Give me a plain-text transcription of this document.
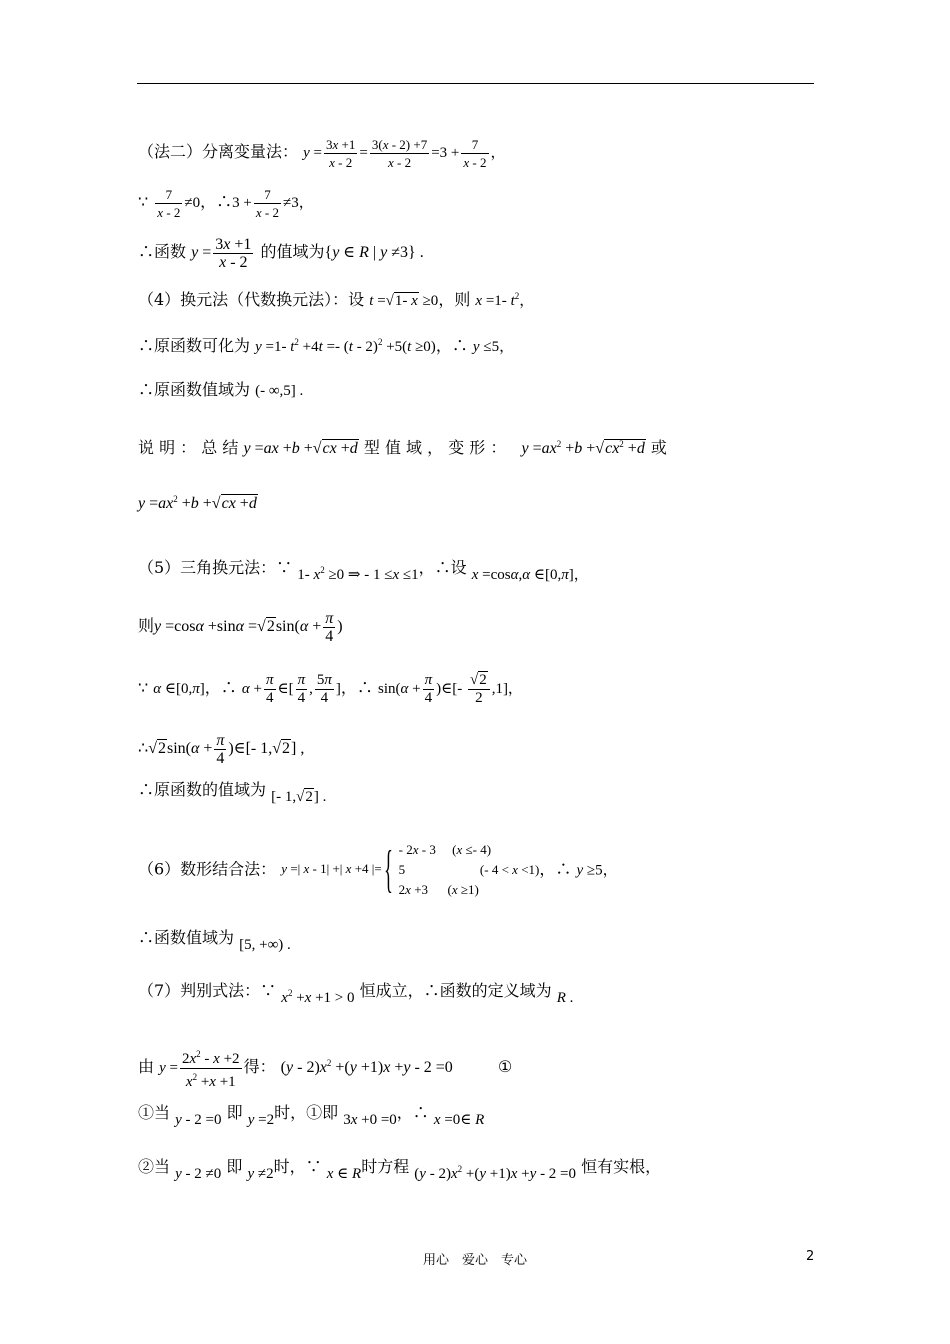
（法二）分离变量法： $y = \frac{3x +1}{x - 2} = \frac{3(x - 2) +7}{x - 2} =3 + \frac{7}{x - 2}$ ，
∵ $\frac{7}{x - 2} \ne 0$，∴3 + $\frac{7}{x - 2} \ne 3$，
∴函数 $y = \frac{3x +1}{x - 2}$ 的值域为{y ∈ R | y ≠3} .
（4）换元法（代数换元法）：设 t =√1- x ≥0，则 x =1- $t^2$，
∴原函数可化为 y =1- $t^2 +4t =- (t - 2)^2 +5(t \ge 0)$，∴ y ≤5，
∴原函数值域为 (- ∞,5] .
说 明 ： 总 结 y =ax +b +√cx +d 型 值 域 ， 变 形 ： $y =ax^2 +b +√cx^2 +d$ 或
$y =ax^2 +b +√cx +d$
（5）三角换元法：∵ 1- $x^2 \ge 0$ ⇒ - 1 ≤x ≤1，∴设 x =cosα,α ∈[0,π]，
则$y =\cos\alpha +\sin\alpha =√2\sin(\alpha + \frac{\pi}{4}$ )
∵ α ∈[0,π]，∴ $\alpha + \frac{\pi}{4}$ ∈[ $\frac{\pi}{4}$ , $\frac{5\pi}{4}$ ]，∴ $\sin(\alpha + \frac{\pi}{4}$ )∈[- $\frac{√2}{2} ,1$]，
∴√2sin(α + $\frac{\pi}{4}$ )∈[- 1,√2] ,
∴原函数的值域为 [- 1,√2] .
（6）数形结合法： y =| x - 1| +| x +4 |={ - 2x - 3     (x ≤- 4)
5                       (- 4 < x <1)
2x +3      (x ≥1)
，∴ y ≥5，
∴函数值域为 [5, +∞) .
（7）判别式法：∵ $x^2 +x +1 > 0$ 恒成立，∴函数的定义域为 R .
由 $y = \frac{2x^2 - x +2}{x^2 +x +1}$ 得： $(y - 2)x^2 +(y +1)x +y - 2 =0$	①
①当 y - 2 =0 即 y =2时，①即 3x +0 =0，∴ x =0∈ R
②当 y - 2 ≠0 即 y ≠2时，∵ x ∈ R时方程 $(y - 2)x^2 +(y +1)x +y - 2 =0$ 恒有实根，
用心　爱心　专心	2
